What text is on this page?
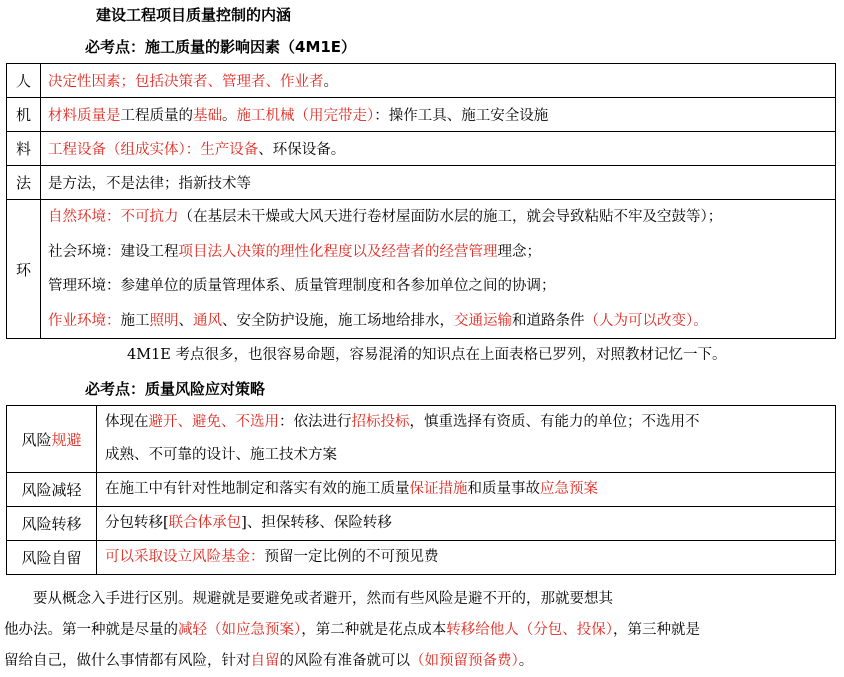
建设工程项目质量控制的内涵
必考点：施工质量的影响因素（4M1E）
人	决定性因素；包括决策者、管理者、作业者。
机	材料质量是工程质量的基础。施工机械（用完带走）：操作工具、施工安全设施
料	工程设备（组成实体）：生产设备、环保设备。
法	是方法，不是法律；指新技术等
环	自然环境：不可抗力（在基层未干燥或大风天进行卷材屋面防水层的施工，就会导致粘贴不牢及空鼓等）；
社会环境：建设工程项目法人决策的理性化程度以及经营者的经营管理理念；
管理环境：参建单位的质量管理体系、质量管理制度和各参加单位之间的协调；
作业环境：施工照明、通风、安全防护设施，施工场地给排水，交通运输和道路条件（人为可以改变）。
4M1E 考点很多，也很容易命题，容易混淆的知识点在上面表格已罗列，对照教材记忆一下。
必考点：质量风险应对策略
风险规避	体现在避开、避免、不选用：依法进行招标投标，慎重选择有资质、有能力的单位；不选用不
成熟、不可靠的设计、施工技术方案

风险减轻	在施工中有针对性地制定和落实有效的施工质量保证措施和质量事故应急预案

风险转移	分包转移[联合体承包]、担保转移、保险转移

风险自留	可以采取设立风险基金：预留一定比例的不可预见费
　　要从概念入手进行区别。规避就是要避免或者避开，然而有些风险是避不开的，那就要想其
他办法。第一种就是尽量的减轻（如应急预案），第二种就是花点成本转移给他人（分包、投保），第三种就是
留给自己，做什么事情都有风险，针对自留的风险有准备就可以（如预留预备费）。
